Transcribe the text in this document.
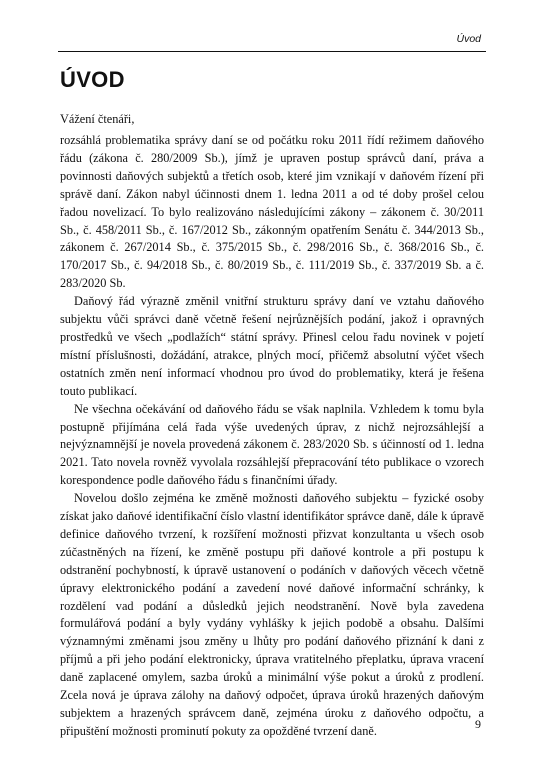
Úvod
ÚVOD
Vážení čtenáři,

rozsáhlá problematika správy daní se od počátku roku 2011 řídí režimem daňového řádu (zákona č. 280/2009 Sb.), jímž je upraven postup správců daní, práva a povinnosti daňových subjektů a třetích osob, které jim vznikají v daňovém řízení při správě daní. Zákon nabyl účinnosti dnem 1. ledna 2011 a od té doby prošel celou řadou novelizací. To bylo realizováno následujícími zákony – zákonem č. 30/2011 Sb., č. 458/2011 Sb., č. 167/2012 Sb., zákonným opatřením Senátu č. 344/2013 Sb., zákonem č. 267/2014 Sb., č. 375/2015 Sb., č. 298/2016 Sb., č. 368/2016 Sb., č. 170/2017 Sb., č. 94/2018 Sb., č. 80/2019 Sb., č. 111/2019 Sb., č. 337/2019 Sb. a č. 283/2020 Sb.

Daňový řád výrazně změnil vnitřní strukturu správy daní ve vztahu daňového subjektu vůči správci daně včetně řešení nejrůznějších podání, jakož i opravných prostředků ve všech „podlažích“ státní správy. Přinesl celou řadu novinek v pojetí místní příslušnosti, dožádání, atrakce, plných mocí, přičemž absolutní výčet všech ostatních změn není informací vhodnou pro úvod do problematiky, která je řešena touto publikací.

Ne všechna očekávání od daňového řádu se však naplnila. Vzhledem k tomu byla postupně přijímána celá řada výše uvedených úprav, z nichž nejrozsáhlejší a nejvýznamnější je novela provedená zákonem č. 283/2020 Sb. s účinností od 1. ledna 2021. Tato novela rovněž vyvolala rozsáhlejší přepracování této publikace o vzorech korespondence podle daňového řádu s finančními úřady.

Novelou došlo zejména ke změně možnosti daňového subjektu – fyzické osoby získat jako daňové identifikační číslo vlastní identifikátor správce daně, dále k úpravě definice daňového tvrzení, k rozšíření možnosti přizvat konzultanta u všech osob zúčastněných na řízení, ke změně postupu při daňové kontrole a při postupu k odstranění pochybností, k úpravě ustanovení o podáních v daňových věcech včetně úpravy elektronického podání a zavedení nové daňové informační schránky, k rozdělení vad podání a důsledků jejich neodstranění. Nově byla zavedena formulářová podání a byly vydány vyhlášky k jejich podobě a obsahu. Dalšími významnými změnami jsou změny u lhůty pro podání daňového přiznání k dani z příjmů a při jeho podání elektronicky, úprava vratitelného přeplatku, úprava vracení daně zaplacené omylem, sazba úroků a minimální výše pokut a úroků z prodlení. Zcela nová je úprava zálohy na daňový odpočet, úprava úroků hrazených daňovým subjektem a hrazených správcem daně, zejména úroku z daňového odpočtu, a připuštění možnosti prominutí pokuty za opožděné tvrzení daně.	9
